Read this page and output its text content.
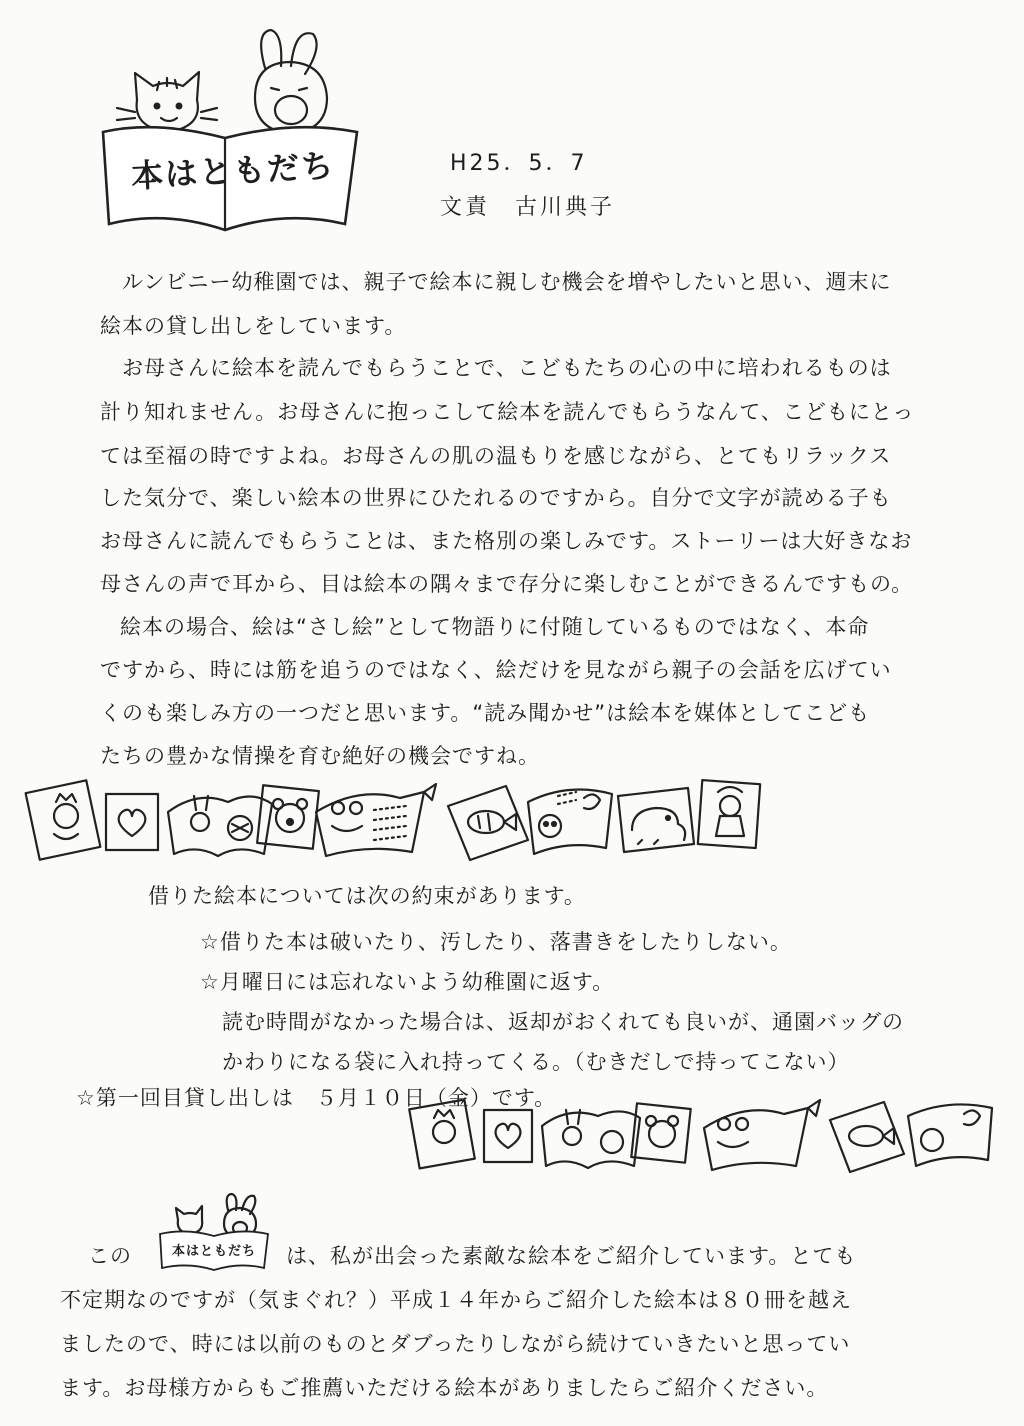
本はともだち	H25．5．7
文責　古川典子
ルンビニー幼稚園では、親子で絵本に親しむ機会を増やしたいと思い、週末に
絵本の貸し出しをしています。
お母さんに絵本を読んでもらうことで、こどもたちの心の中に培われるものは
計り知れません。お母さんに抱っこして絵本を読んでもらうなんて、こどもにとっ
ては至福の時ですよね。お母さんの肌の温もりを感じながら、とてもリラックス
した気分で、楽しい絵本の世界にひたれるのですから。自分で文字が読める子も
お母さんに読んでもらうことは、また格別の楽しみです。ストーリーは大好きなお
母さんの声で耳から、目は絵本の隅々まで存分に楽しむことができるんですもの。
絵本の場合、絵は“さし絵”として物語りに付随しているものではなく、本命
ですから、時には筋を追うのではなく、絵だけを見ながら親子の会話を広げてい
くのも楽しみ方の一つだと思います。“読み聞かせ”は絵本を媒体としてこども
たちの豊かな情操を育む絶好の機会ですね。
借りた絵本については次の約束があります。
☆借りた本は破いたり、汚したり、落書きをしたりしない。
☆月曜日には忘れないよう幼稚園に返す。
読む時間がなかった場合は、返却がおくれても良いが、通園バッグの
かわりになる袋に入れ持ってくる。（むきだしで持ってこない）
☆第一回目貸し出しは　５月１０日（金）です。
この	本はともだち	は、私が出会った素敵な絵本をご紹介しています。とても
不定期なのですが（気まぐれ？）平成１４年からご紹介した絵本は８０冊を越え
ましたので、時には以前のものとダブったりしながら続けていきたいと思ってい
ます。お母様方からもご推薦いただける絵本がありましたらご紹介ください。
